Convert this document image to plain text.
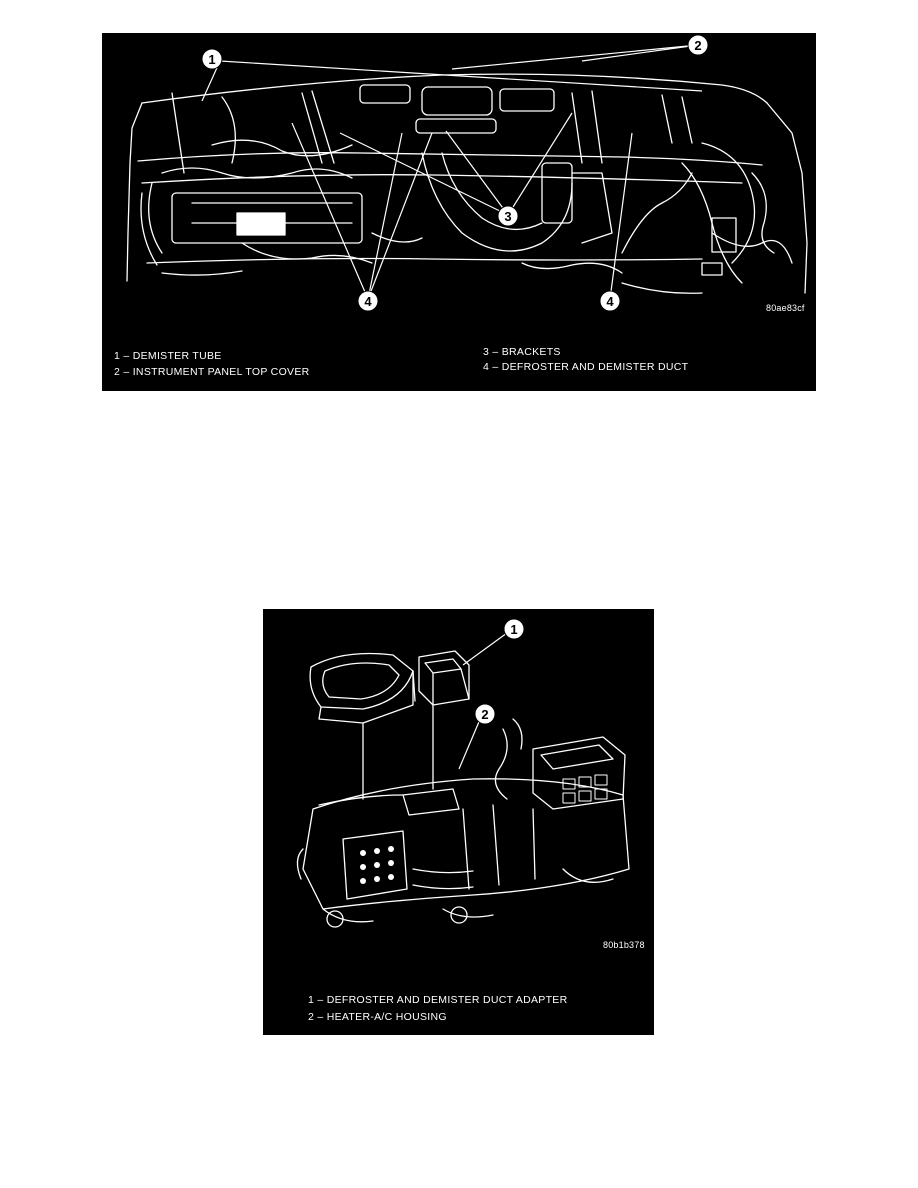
1
2
3
4	4	80ae83cf
1 – DEMISTER TUBE
2 – INSTRUMENT PANEL TOP COVER
3 – BRACKETS
4 – DEFROSTER AND DEMISTER DUCT
1
2
80b1b378
1 – DEFROSTER AND DEMISTER DUCT ADAPTER
2 – HEATER-A/C HOUSING
